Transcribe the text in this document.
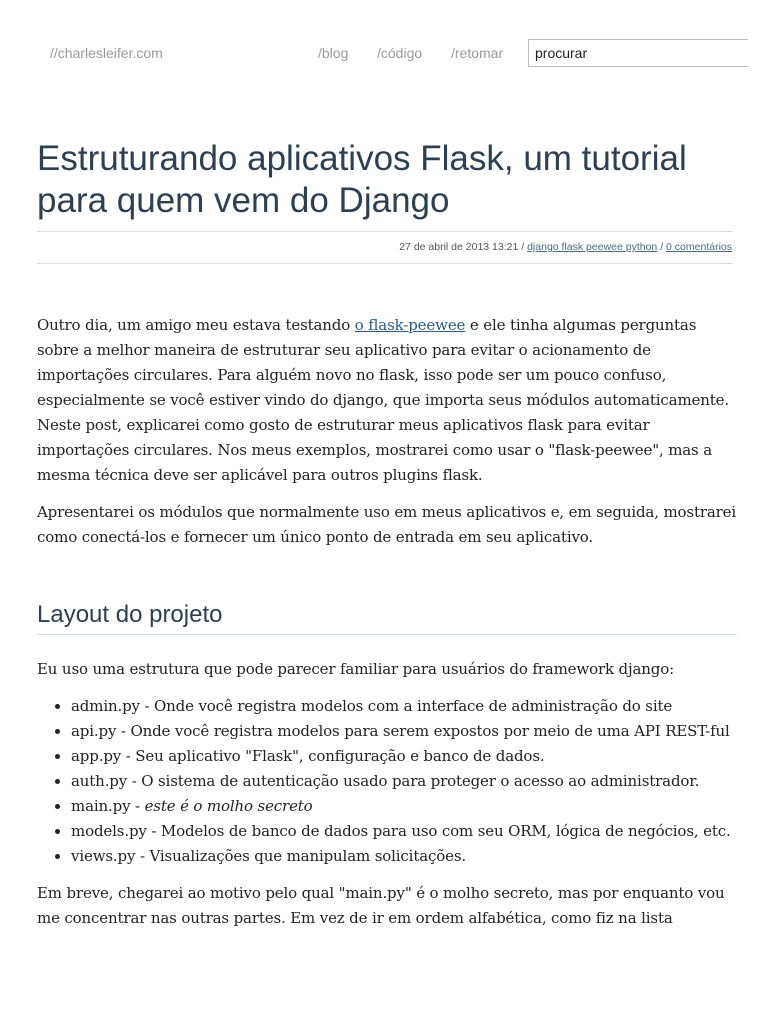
//charlesleifer.com	/blog /código /retomar
procurar
Estruturando aplicativos Flask, um tutorial para quem vem do Django
27 de abril de 2013 13:21 / django flask peewee python / 0 comentários

Outro dia, um amigo meu estava testando o flask-peewee e ele tinha algumas perguntas sobre a melhor maneira de estruturar seu aplicativo para evitar o acionamento de importações circulares. Para alguém novo no flask, isso pode ser um pouco confuso, especialmente se você estiver vindo do django, que importa seus módulos automaticamente. Neste post, explicarei como gosto de estruturar meus aplicativos flask para evitar importações circulares. Nos meus exemplos, mostrarei como usar o "flask-peewee", mas a mesma técnica deve ser aplicável para outros plugins flask.

Apresentarei os módulos que normalmente uso em meus aplicativos e, em seguida, mostrarei como conectá-los e fornecer um único ponto de entrada em seu aplicativo.

Layout do projeto

Eu uso uma estrutura que pode parecer familiar para usuários do framework django:

• admin.py - Onde você registra modelos com a interface de administração do site
• api.py - Onde você registra modelos para serem expostos por meio de uma API REST-ful
• app.py - Seu aplicativo "Flask", configuração e banco de dados.
• auth.py - O sistema de autenticação usado para proteger o acesso ao administrador.
• main.py - este é o molho secreto
• models.py - Modelos de banco de dados para uso com seu ORM, lógica de negócios, etc.
• views.py - Visualizações que manipulam solicitações.

Em breve, chegarei ao motivo pelo qual "main.py" é o molho secreto, mas por enquanto vou me concentrar nas outras partes. Em vez de ir em ordem alfabética, como fiz na lista
